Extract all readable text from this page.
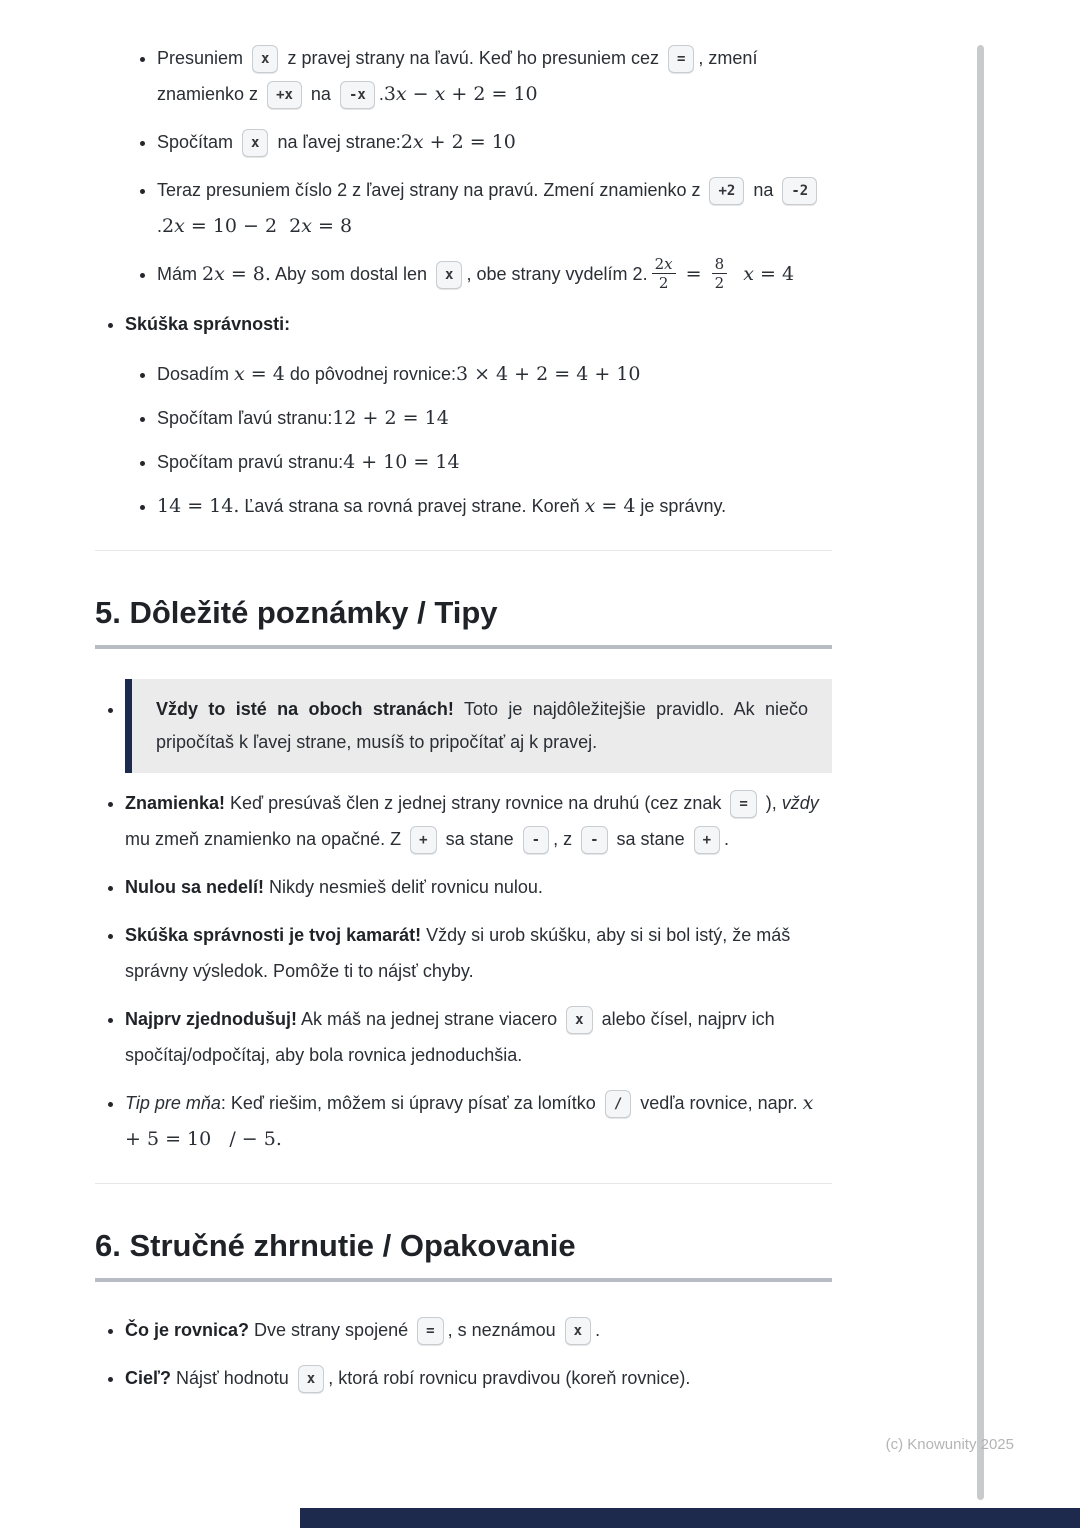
• Presuniem x z pravej strany na ľavú. Keď ho presuniem cez = , zmení znamienko z +x na -x .3x − x + 2 = 10
• Spočítam x na ľavej strane:2x + 2 = 10
• Teraz presuniem číslo 2 z ľavej strany na pravú. Zmení znamienko z +2 na -2.2x = 10 − 2  2x = 8
• Mám 2x = 8. Aby som dostal len x , obe strany vydelím 2. $\frac{2x}{2} = \frac{8}{2}$ x = 4
• Skúška správnosti:
• Dosadím x = 4 do pôvodnej rovnice:3 × 4 + 2 = 4 + 10
• Spočítam ľavú stranu:12 + 2 = 14
• Spočítam pravú stranu:4 + 10 = 14
• 14 = 14. Ľavá strana sa rovná pravej strane. Koreň x = 4 je správny.
5. Dôležité poznámky / Tipy
• Vždy to isté na oboch stranách! Toto je najdôležitejšie pravidlo. Ak niečo pripočítaš k ľavej strane, musíš to pripočítať aj k pravej.
• Znamienka! Keď presúvaš člen z jednej strany rovnice na druhú (cez znak = ), vždy mu zmeň znamienko na opačné. Z + sa stane - , z - sa stane + .
• Nulou sa nedelí! Nikdy nesmieš deliť rovnicu nulou.
• Skúška správnosti je tvoj kamarát! Vždy si urob skúšku, aby si si bol istý, že máš správny výsledok. Pomôže ti to nájsť chyby.
• Najprv zjednodušuj! Ak máš na jednej strane viacero x alebo čísel, najprv ich spočítaj/odpočítaj, aby bola rovnica jednoduchšia.
• Tip pre mňa: Keď riešim, môžem si úpravy písať za lomítko / vedľa rovnice, napr. x + 5 = 10   / − 5.
6. Stručné zhrnutie / Opakovanie
• Čo je rovnica? Dve strany spojené = , s neznámou x .
• Cieľ? Nájsť hodnotu x , ktorá robí rovnicu pravdivou (koreň rovnice).
(c) Knowunity 2025
